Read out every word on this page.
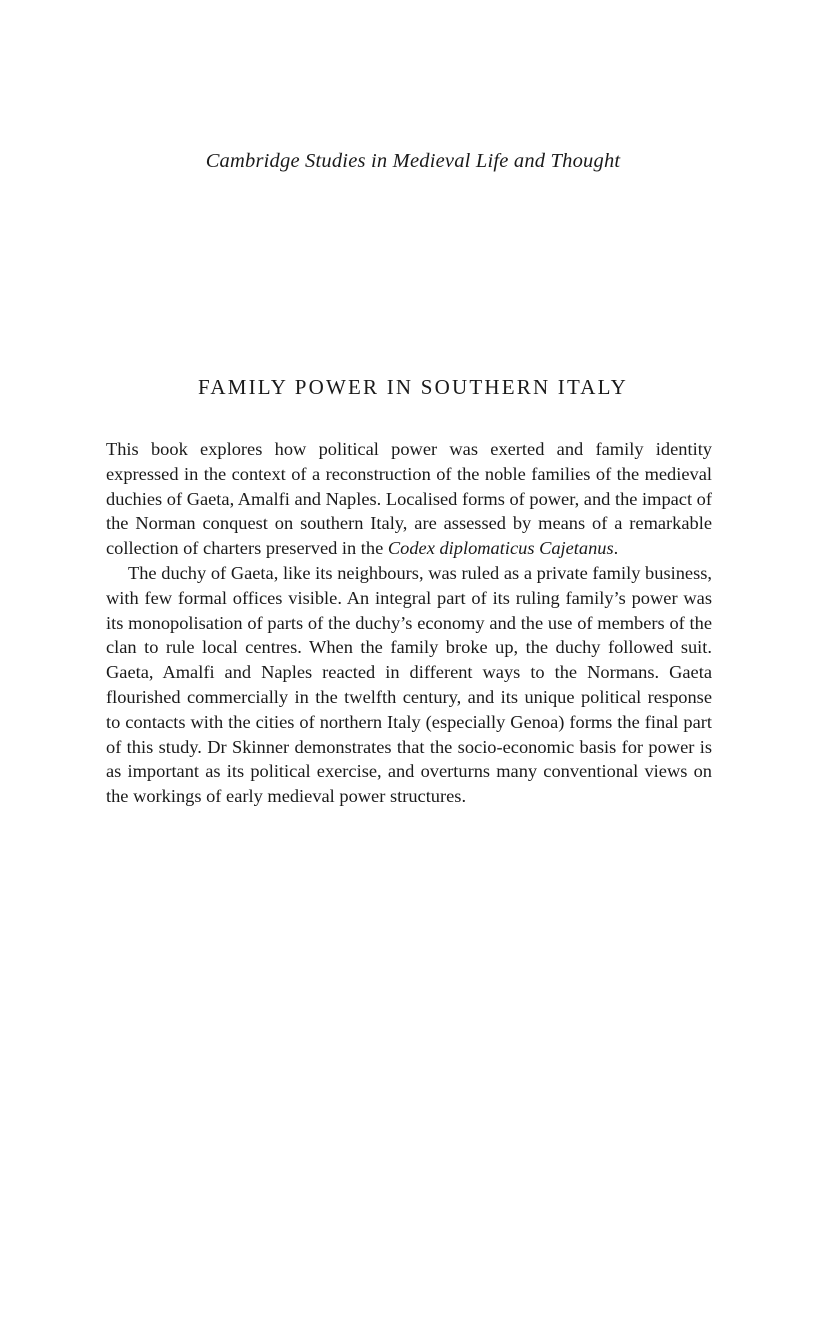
Cambridge Studies in Medieval Life and Thought
FAMILY POWER IN SOUTHERN ITALY

This book explores how political power was exerted and family identity expressed in the context of a reconstruction of the noble families of the medieval duchies of Gaeta, Amalfi and Naples. Localised forms of power, and the impact of the Norman conquest on southern Italy, are assessed by means of a remarkable collection of charters preserved in the Codex diplomaticus Cajetanus.

The duchy of Gaeta, like its neighbours, was ruled as a private family business, with few formal offices visible. An integral part of its ruling family’s power was its monopolisation of parts of the duchy’s economy and the use of members of the clan to rule local centres. When the family broke up, the duchy followed suit. Gaeta, Amalfi and Naples reacted in different ways to the Normans. Gaeta flourished commercially in the twelfth century, and its unique political response to contacts with the cities of northern Italy (especially Genoa) forms the final part of this study. Dr Skinner demonstrates that the socio-economic basis for power is as important as its political exercise, and overturns many conventional views on the workings of early medieval power structures.
